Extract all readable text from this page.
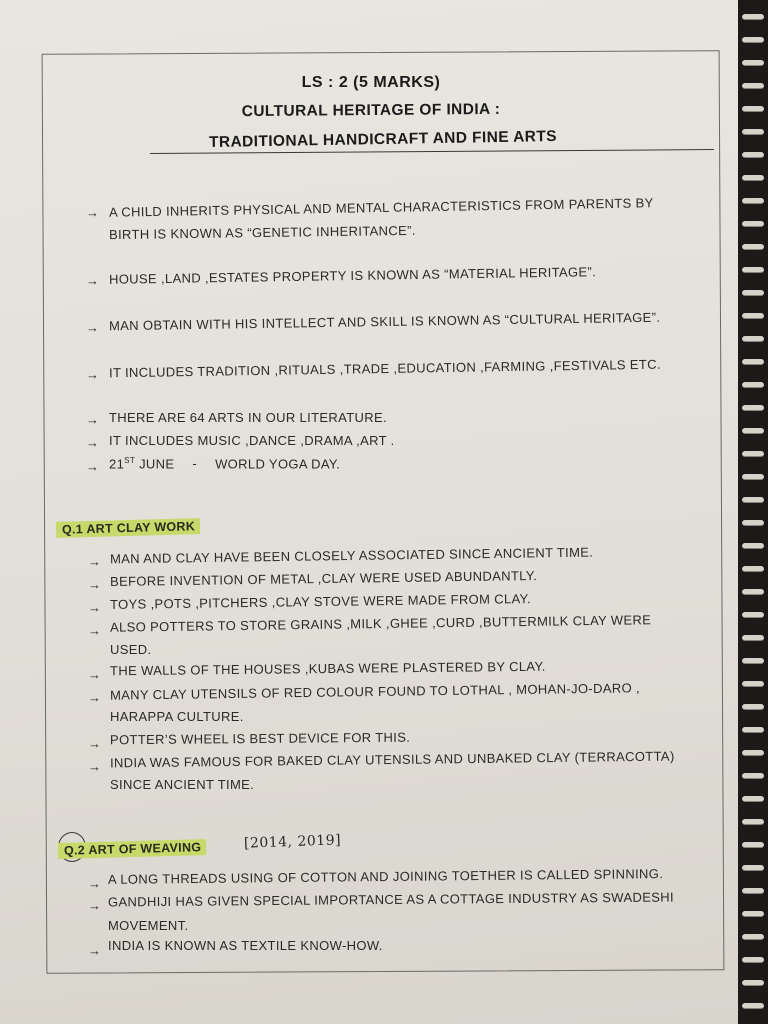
LS : 2 (5 MARKS)
CULTURAL HERITAGE OF INDIA :
TRADITIONAL HANDICRAFT AND FINE ARTS
→ A CHILD INHERITS PHYSICAL AND MENTAL CHARACTERISTICS FROM PARENTS BY
BIRTH IS KNOWN AS “GENETIC INHERITANCE”.
→ HOUSE ,LAND ,ESTATES PROPERTY IS KNOWN AS “MATERIAL HERITAGE”.
→ MAN OBTAIN WITH HIS INTELLECT AND SKILL IS KNOWN AS “CULTURAL HERITAGE”.
→ IT INCLUDES TRADITION ,RITUALS ,TRADE ,EDUCATION ,FARMING ,FESTIVALS ETC.
→ THERE ARE 64 ARTS IN OUR LITERATURE.
→ IT INCLUDES MUSIC ,DANCE ,DRAMA ,ART .
→ 21ST JUNE - WORLD YOGA DAY.
Q.1 ART CLAY WORK
→ MAN AND CLAY HAVE BEEN CLOSELY ASSOCIATED SINCE ANCIENT TIME.
→ BEFORE INVENTION OF METAL ,CLAY WERE USED ABUNDANTLY.
→ TOYS ,POTS ,PITCHERS ,CLAY STOVE WERE MADE FROM CLAY.
→ ALSO POTTERS TO STORE GRAINS ,MILK ,GHEE ,CURD ,BUTTERMILK CLAY WERE
USED.
→ THE WALLS OF THE HOUSES ,KUBAS WERE PLASTERED BY CLAY.
→ MANY CLAY UTENSILS OF RED COLOUR FOUND TO LOTHAL , MOHAN-JO-DARO ,
HARAPPA CULTURE.
→ POTTER’S WHEEL IS BEST DEVICE FOR THIS.
→ INDIA WAS FAMOUS FOR BAKED CLAY UTENSILS AND UNBAKED CLAY (TERRACOTTA)
SINCE ANCIENT TIME.
Q.2 ART OF WEAVING	[2014, 2019]
→ A LONG THREADS USING OF COTTON AND JOINING TOETHER IS CALLED SPINNING.
→ GANDHIJI HAS GIVEN SPECIAL IMPORTANCE AS A COTTAGE INDUSTRY AS SWADESHI
MOVEMENT.
→ INDIA IS KNOWN AS TEXTILE KNOW-HOW.
